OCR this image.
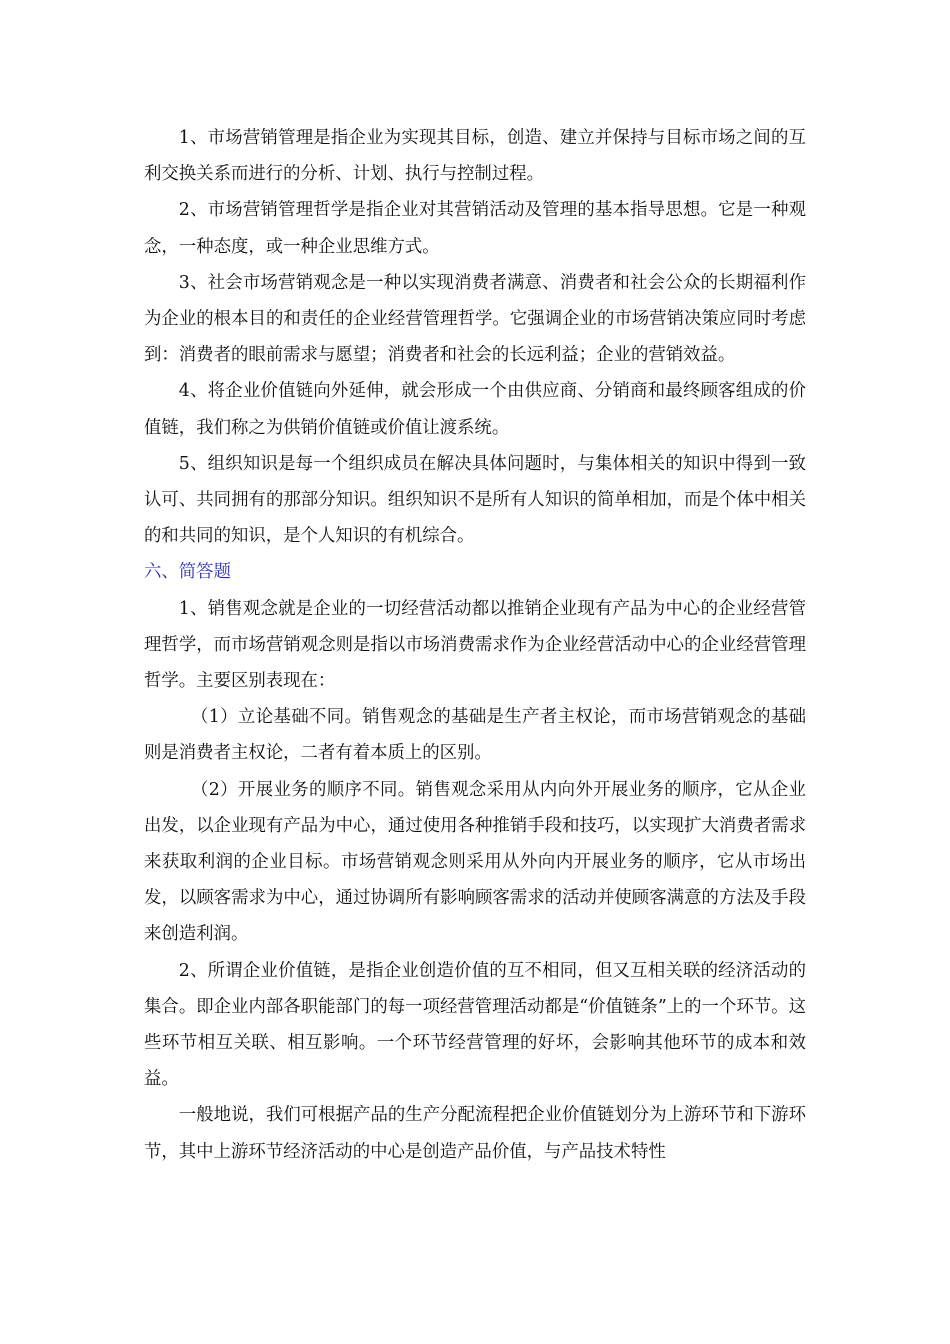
1、市场营销管理是指企业为实现其目标，创造、建立并保持与目标市场之间的互利交换关系而进行的分析、计划、执行与控制过程。

2、市场营销管理哲学是指企业对其营销活动及管理的基本指导思想。它是一种观念，一种态度，或一种企业思维方式。

3、社会市场营销观念是一种以实现消费者满意、消费者和社会公众的长期福利作为企业的根本目的和责任的企业经营管理哲学。它强调企业的市场营销决策应同时考虑到：消费者的眼前需求与愿望；消费者和社会的长远利益；企业的营销效益。

4、将企业价值链向外延伸，就会形成一个由供应商、分销商和最终顾客组成的价值链，我们称之为供销价值链或价值让渡系统。

5、组织知识是每一个组织成员在解决具体问题时，与集体相关的知识中得到一致认可、共同拥有的那部分知识。组织知识不是所有人知识的简单相加，而是个体中相关的和共同的知识，是个人知识的有机综合。

六、简答题

1、销售观念就是企业的一切经营活动都以推销企业现有产品为中心的企业经营管理哲学，而市场营销观念则是指以市场消费需求作为企业经营活动中心的企业经营管理哲学。主要区别表现在：

（1）立论基础不同。销售观念的基础是生产者主权论，而市场营销观念的基础则是消费者主权论，二者有着本质上的区别。

（2）开展业务的顺序不同。销售观念采用从内向外开展业务的顺序，它从企业出发，以企业现有产品为中心，通过使用各种推销手段和技巧，以实现扩大消费者需求来获取利润的企业目标。市场营销观念则采用从外向内开展业务的顺序，它从市场出发，以顾客需求为中心，通过协调所有影响顾客需求的活动并使顾客满意的方法及手段来创造利润。

2、所谓企业价值链，是指企业创造价值的互不相同，但又互相关联的经济活动的集合。即企业内部各职能部门的每一项经营管理活动都是“价值链条”上的一个环节。这些环节相互关联、相互影响。一个环节经营管理的好坏，会影响其他环节的成本和效益。

一般地说，我们可根据产品的生产分配流程把企业价值链划分为上游环节和下游环节，其中上游环节经济活动的中心是创造产品价值，与产品技术特性
